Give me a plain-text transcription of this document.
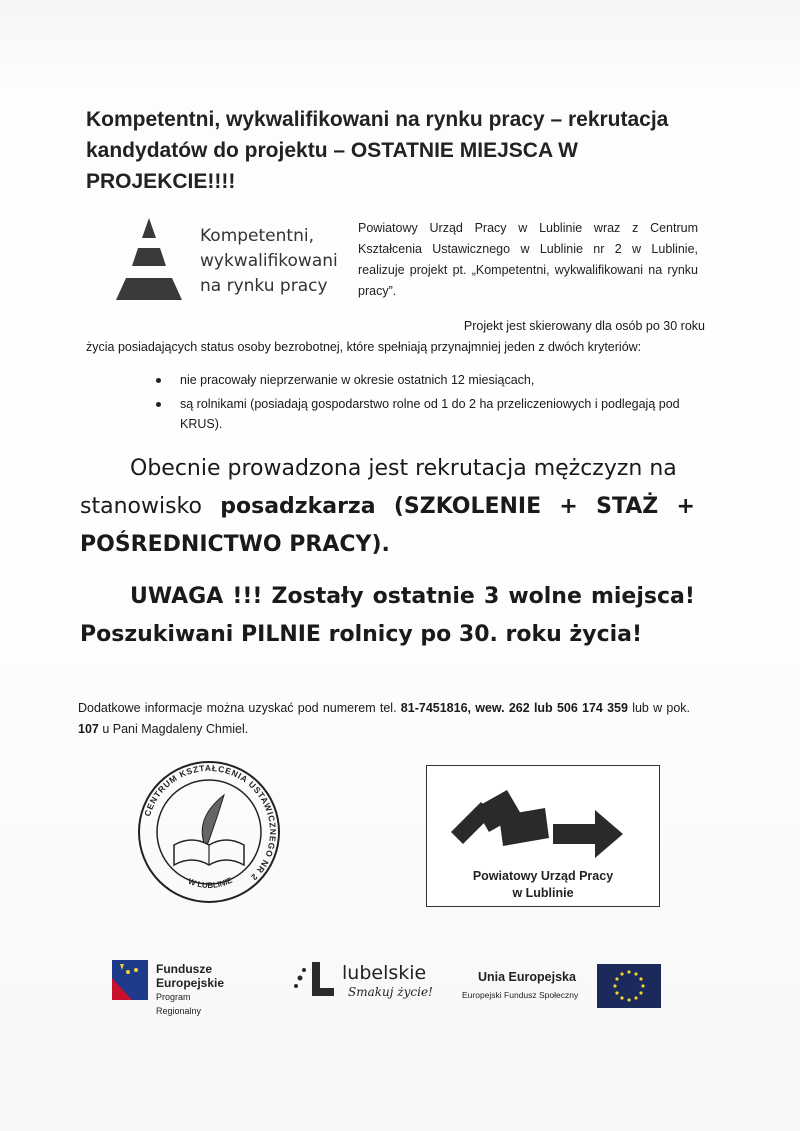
Kompetentni, wykwalifikowani na rynku pracy – rekrutacja kandydatów do projektu – OSTATNIE MIEJSCA W PROJEKCIE!!!!
Kompetentni,
wykwalifikowani
na rynku pracy
Powiatowy Urząd Pracy w Lublinie wraz z Centrum Kształcenia Ustawicznego w Lublinie nr 2 w Lublinie, realizuje projekt pt. „Kompetentni, wykwalifikowani na rynku pracy”.
Projekt jest skierowany dla osób po 30 roku
życia posiadających status osoby bezrobotnej, które spełniają przynajmniej jeden z dwóch kryteriów:
nie pracowały nieprzerwanie w okresie ostatnich 12 miesiącach,
są rolnikami (posiadają gospodarstwo rolne od 1 do 2 ha przeliczeniowych i podlegają pod KRUS).
Obecnie prowadzona jest rekrutacja mężczyzn na
stanowisko posadzkarza (SZKOLENIE + STAŻ +
POŚREDNICTWO PRACY).
UWAGA !!! Zostały ostatnie 3 wolne miejsca!
Poszukiwani PILNIE rolnicy po 30. roku życia!
Dodatkowe informacje można uzyskać pod numerem tel. 81-7451816, wew. 262 lub 506 174 359 lub w pok. 107 u Pani Magdaleny Chmiel.
CENTRUM KSZTAŁCENIA USTAWICZNEGO NR 2
W LUBLINIE	Powiatowy Urząd Pracy
w Lublinie
Fundusze
Europejskie
Program Regionalny
lubelskie
Smakuj życie!
Unia Europejska
Europejski Fundusz Społeczny
